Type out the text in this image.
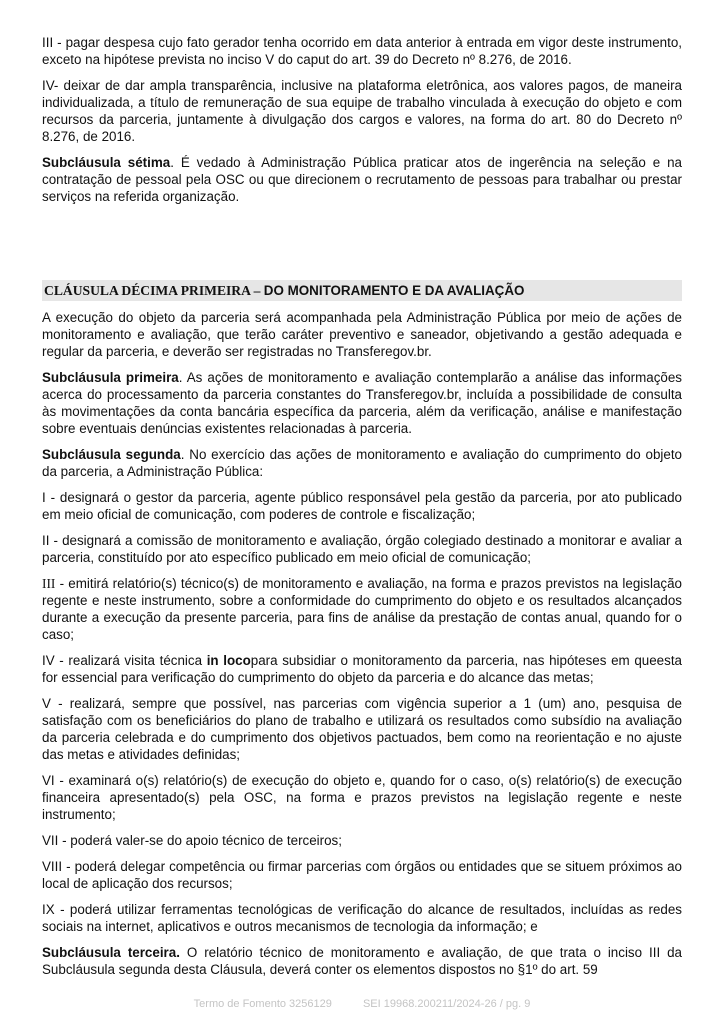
III - pagar despesa cujo fato gerador tenha ocorrido em data anterior à entrada em vigor deste instrumento, exceto na hipótese prevista no inciso V do caput do art. 39 do Decreto nº 8.276, de 2016.

IV- deixar de dar ampla transparência, inclusive na plataforma eletrônica, aos valores pagos, de maneira individualizada, a título de remuneração de sua equipe de trabalho vinculada à execução do objeto e com recursos da parceria, juntamente à divulgação dos cargos e valores, na forma do art. 80 do Decreto nº 8.276, de 2016.

Subcláusula sétima. É vedado à Administração Pública praticar atos de ingerência na seleção e na contratação de pessoal pela OSC ou que direcionem o recrutamento de pessoas para trabalhar ou prestar serviços na referida organização.

CLÁUSULA DÉCIMA PRIMEIRA – DO MONITORAMENTO E DA AVALIAÇÃO

A execução do objeto da parceria será acompanhada pela Administração Pública por meio de ações de monitoramento e avaliação, que terão caráter preventivo e saneador, objetivando a gestão adequada e regular da parceria, e deverão ser registradas no Transferegov.br.

Subcláusula primeira. As ações de monitoramento e avaliação contemplarão a análise das informações acerca do processamento da parceria constantes do Transferegov.br, incluída a possibilidade de consulta às movimentações da conta bancária específica da parceria, além da verificação, análise e manifestação sobre eventuais denúncias existentes relacionadas à parceria.

Subcláusula segunda. No exercício das ações de monitoramento e avaliação do cumprimento do objeto da parceria, a Administração Pública:

I - designará o gestor da parceria, agente público responsável pela gestão da parceria, por ato publicado em meio oficial de comunicação, com poderes de controle e fiscalização;

II - designará a comissão de monitoramento e avaliação, órgão colegiado destinado a monitorar e avaliar a parceria, constituído por ato específico publicado em meio oficial de comunicação;

III - emitirá relatório(s) técnico(s) de monitoramento e avaliação, na forma e prazos previstos na legislação regente e neste instrumento, sobre a conformidade do cumprimento do objeto e os resultados alcançados durante a execução da presente parceria, para fins de análise da prestação de contas anual, quando for o caso;

IV - realizará visita técnica in locopara subsidiar o monitoramento da parceria, nas hipóteses em queesta for essencial para verificação do cumprimento do objeto da parceria e do alcance das metas;

V - realizará, sempre que possível, nas parcerias com vigência superior a 1 (um) ano, pesquisa de satisfação com os beneficiários do plano de trabalho e utilizará os resultados como subsídio na avaliação da parceria celebrada e do cumprimento dos objetivos pactuados, bem como na reorientação e no ajuste das metas e atividades definidas;

VI - examinará o(s) relatório(s) de execução do objeto e, quando for o caso, o(s) relatório(s) de execução financeira apresentado(s) pela OSC, na forma e prazos previstos na legislação regente e neste instrumento;

VII - poderá valer-se do apoio técnico de terceiros;

VIII - poderá delegar competência ou firmar parcerias com órgãos ou entidades que se situem próximos ao local de aplicação dos recursos;

IX - poderá utilizar ferramentas tecnológicas de verificação do alcance de resultados, incluídas as redes sociais na internet, aplicativos e outros mecanismos de tecnologia da informação; e

Subcláusula terceira. O relatório técnico de monitoramento e avaliação, de que trata o inciso III da Subcláusula segunda desta Cláusula, deverá conter os elementos dispostos no §1º do art. 59

Termo de Fomento 3256129	SEI 19968.200211/2024-26 / pg. 9
